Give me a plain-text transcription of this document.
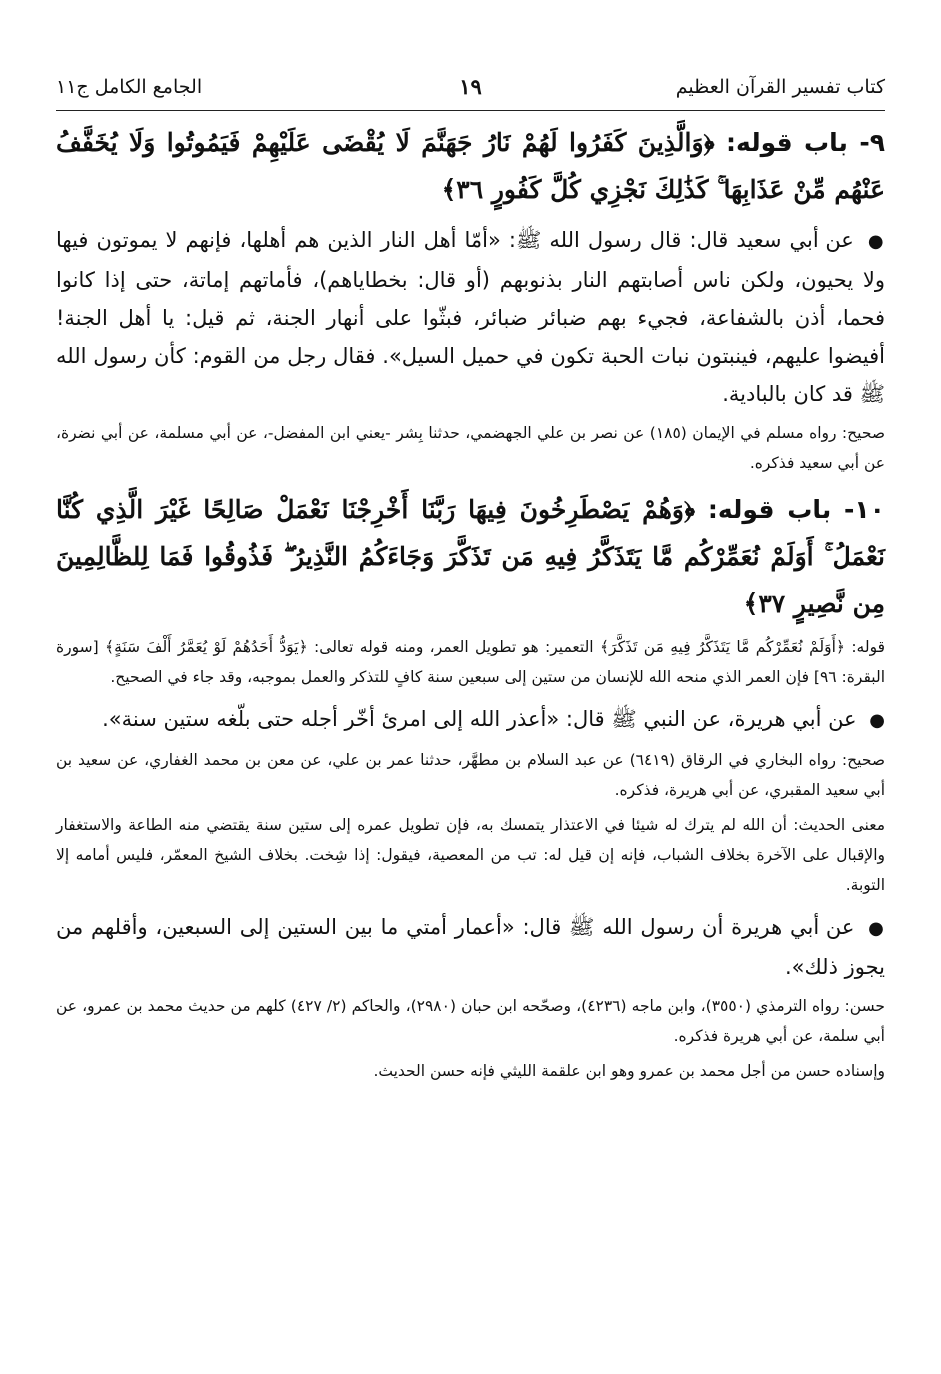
كتاب تفسير القرآن العظيم
١٩
الجامع الكامل ج١١

٩- باب قوله: ﴿وَالَّذِينَ كَفَرُوا لَهُمْ نَارُ جَهَنَّمَ لَا يُقْضَى عَلَيْهِمْ فَيَمُوتُوا وَلَا يُخَفَّفُ عَنْهُم مِّنْ عَذَابِهَا ۚ كَذَٰلِكَ نَجْزِي كُلَّ كَفُورٍ ٣٦﴾

● عن أبي سعيد قال: قال رسول الله ﷺ: «أمّا أهل النار الذين هم أهلها، فإنهم لا يموتون فيها ولا يحيون، ولكن ناس أصابتهم النار بذنوبهم (أو قال: بخطاياهم)، فأماتهم إماتة، حتى إذا كانوا فحما، أذن بالشفاعة، فجيء بهم ضبائر ضبائر، فبثّوا على أنهار الجنة، ثم قيل: يا أهل الجنة! أفيضوا عليهم، فينبتون نبات الحبة تكون في حميل السيل». فقال رجل من القوم: كأن رسول الله ﷺ قد كان بالبادية.

صحيح: رواه مسلم في الإيمان (١٨٥) عن نصر بن علي الجهضمي، حدثنا بِشر -يعني ابن المفضل-، عن أبي مسلمة، عن أبي نضرة، عن أبي سعيد فذكره.

١٠- باب قوله: ﴿وَهُمْ يَصْطَرِخُونَ فِيهَا رَبَّنَا أَخْرِجْنَا نَعْمَلْ صَالِحًا غَيْرَ الَّذِي كُنَّا نَعْمَلُ ۚ أَوَلَمْ نُعَمِّرْكُم مَّا يَتَذَكَّرُ فِيهِ مَن تَذَكَّرَ وَجَاءَكُمُ النَّذِيرُ ۖ فَذُوقُوا فَمَا لِلظَّالِمِينَ مِن نَّصِيرٍ ٣٧﴾

قوله: ﴿أَوَلَمْ نُعَمِّرْكُم مَّا يَتَذَكَّرُ فِيهِ مَن تَذَكَّرَ﴾ التعمير: هو تطويل العمر، ومنه قوله تعالى: ﴿يَوَدُّ أَحَدُهُمْ لَوْ يُعَمَّرُ أَلْفَ سَنَةٍ﴾ [سورة البقرة: ٩٦] فإن العمر الذي منحه الله للإنسان من ستين إلى سبعين سنة كافٍ للتذكر والعمل بموجبه، وقد جاء في الصحيح.

● عن أبي هريرة، عن النبي ﷺ قال: «أعذر الله إلى امرئ أخّر أجله حتى بلّغه ستين سنة».

صحيح: رواه البخاري في الرقاق (٦٤١٩) عن عبد السلام بن مطهَّر، حدثنا عمر بن علي، عن معن بن محمد الغفاري، عن سعيد بن أبي سعيد المقبري، عن أبي هريرة، فذكره.

معنى الحديث: أن الله لم يترك له شيئا في الاعتذار يتمسك به، فإن تطويل عمره إلى ستين سنة يقتضي منه الطاعة والاستغفار والإقبال على الآخرة بخلاف الشباب، فإنه إن قيل له: تب من المعصية، فيقول: إذا شِخت. بخلاف الشيخ المعمّر، فليس أمامه إلا التوبة.

● عن أبي هريرة أن رسول الله ﷺ قال: «أعمار أمتي ما بين الستين إلى السبعين، وأقلهم من يجوز ذلك».

حسن: رواه الترمذي (٣٥٥٠)، وابن ماجه (٤٢٣٦)، وصحّحه ابن حبان (٢٩٨٠)، والحاكم (٢/ ٤٢٧) كلهم من حديث محمد بن عمرو، عن أبي سلمة، عن أبي هريرة فذكره.

وإسناده حسن من أجل محمد بن عمرو وهو ابن علقمة الليثي فإنه حسن الحديث.
